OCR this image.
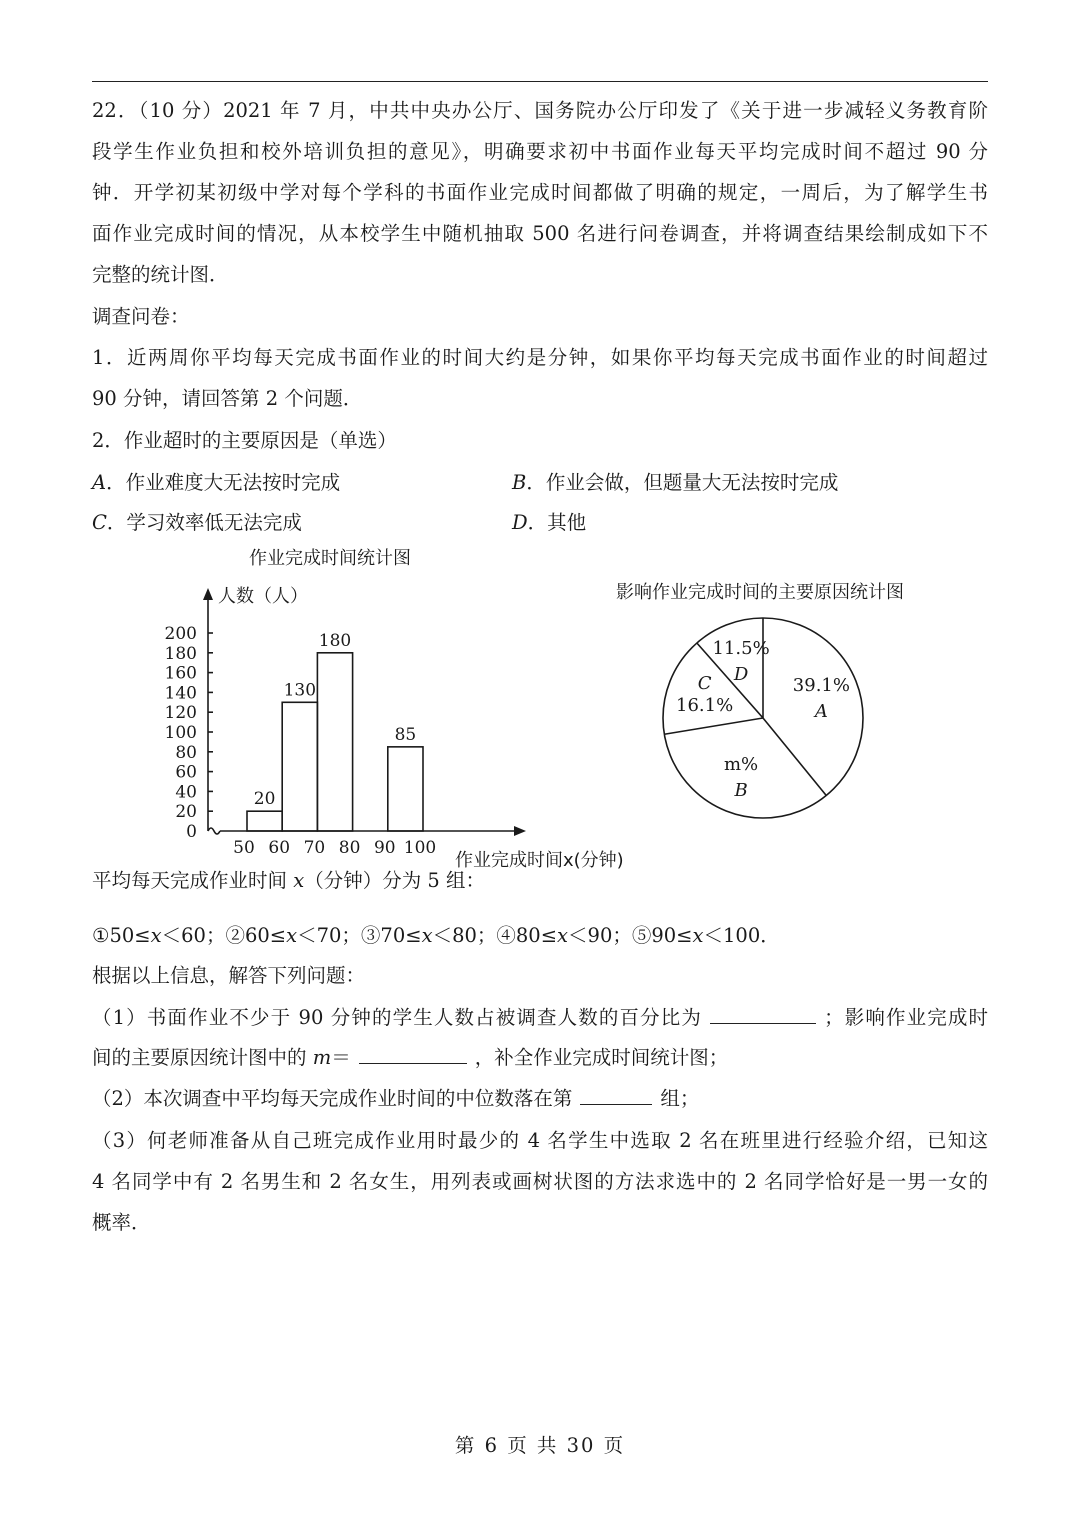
22．（10 分）2021 年 7 月，中共中央办公厅、国务院办公厅印发了《关于进一步减轻义务教育阶
段学生作业负担和校外培训负担的意见》，明确要求初中书面作业每天平均完成时间不超过 90 分
钟．开学初某初级中学对每个学科的书面作业完成时间都做了明确的规定，一周后，为了解学生书
面作业完成时间的情况，从本校学生中随机抽取 500 名进行问卷调查，并将调查结果绘制成如下不
完整的统计图．
调查问卷：
1．近两周你平均每天完成书面作业的时间大约是分钟，如果你平均每天完成书面作业的时间超过
90 分钟，请回答第 2 个问题．
2．作业超时的主要原因是（单选）
平均每天完成作业时间 x（分钟）分为 5 组：
①50≤x＜60；②60≤x＜70；③70≤x＜80；④80≤x＜90；⑤90≤x＜100．
根据以上信息，解答下列问题：
（1）书面作业不少于 90 分钟的学生人数占被调查人数的百分比为	；影响作业完成时
间的主要原因统计图中的 m＝	，补全作业完成时间统计图；
（2）本次调查中平均每天完成作业时间的中位数落在第	组；
（3）何老师准备从自己班完成作业用时最少的 4 名学生中选取 2 名在班里进行经验介绍，已知这
4 名同学中有 2 名男生和 2 名女生，用列表或画树状图的方法求选中的 2 名同学恰好是一男一女的
概率．
A．作业难度大无法按时完成	B．作业会做，但题量大无法按时完成
C．学习效率低无法完成	D．其他
作业完成时间统计图
人数（人）
作业完成时间x(分钟)
0
20
40
60
80
100
120
140
160
180
200
50 60 70 80 90 100
20
130
180
85
影响作业完成时间的主要原因统计图
39.1%
A
m%
B
16.1%
C
11.5%
D
第 6 页 共 30 页
